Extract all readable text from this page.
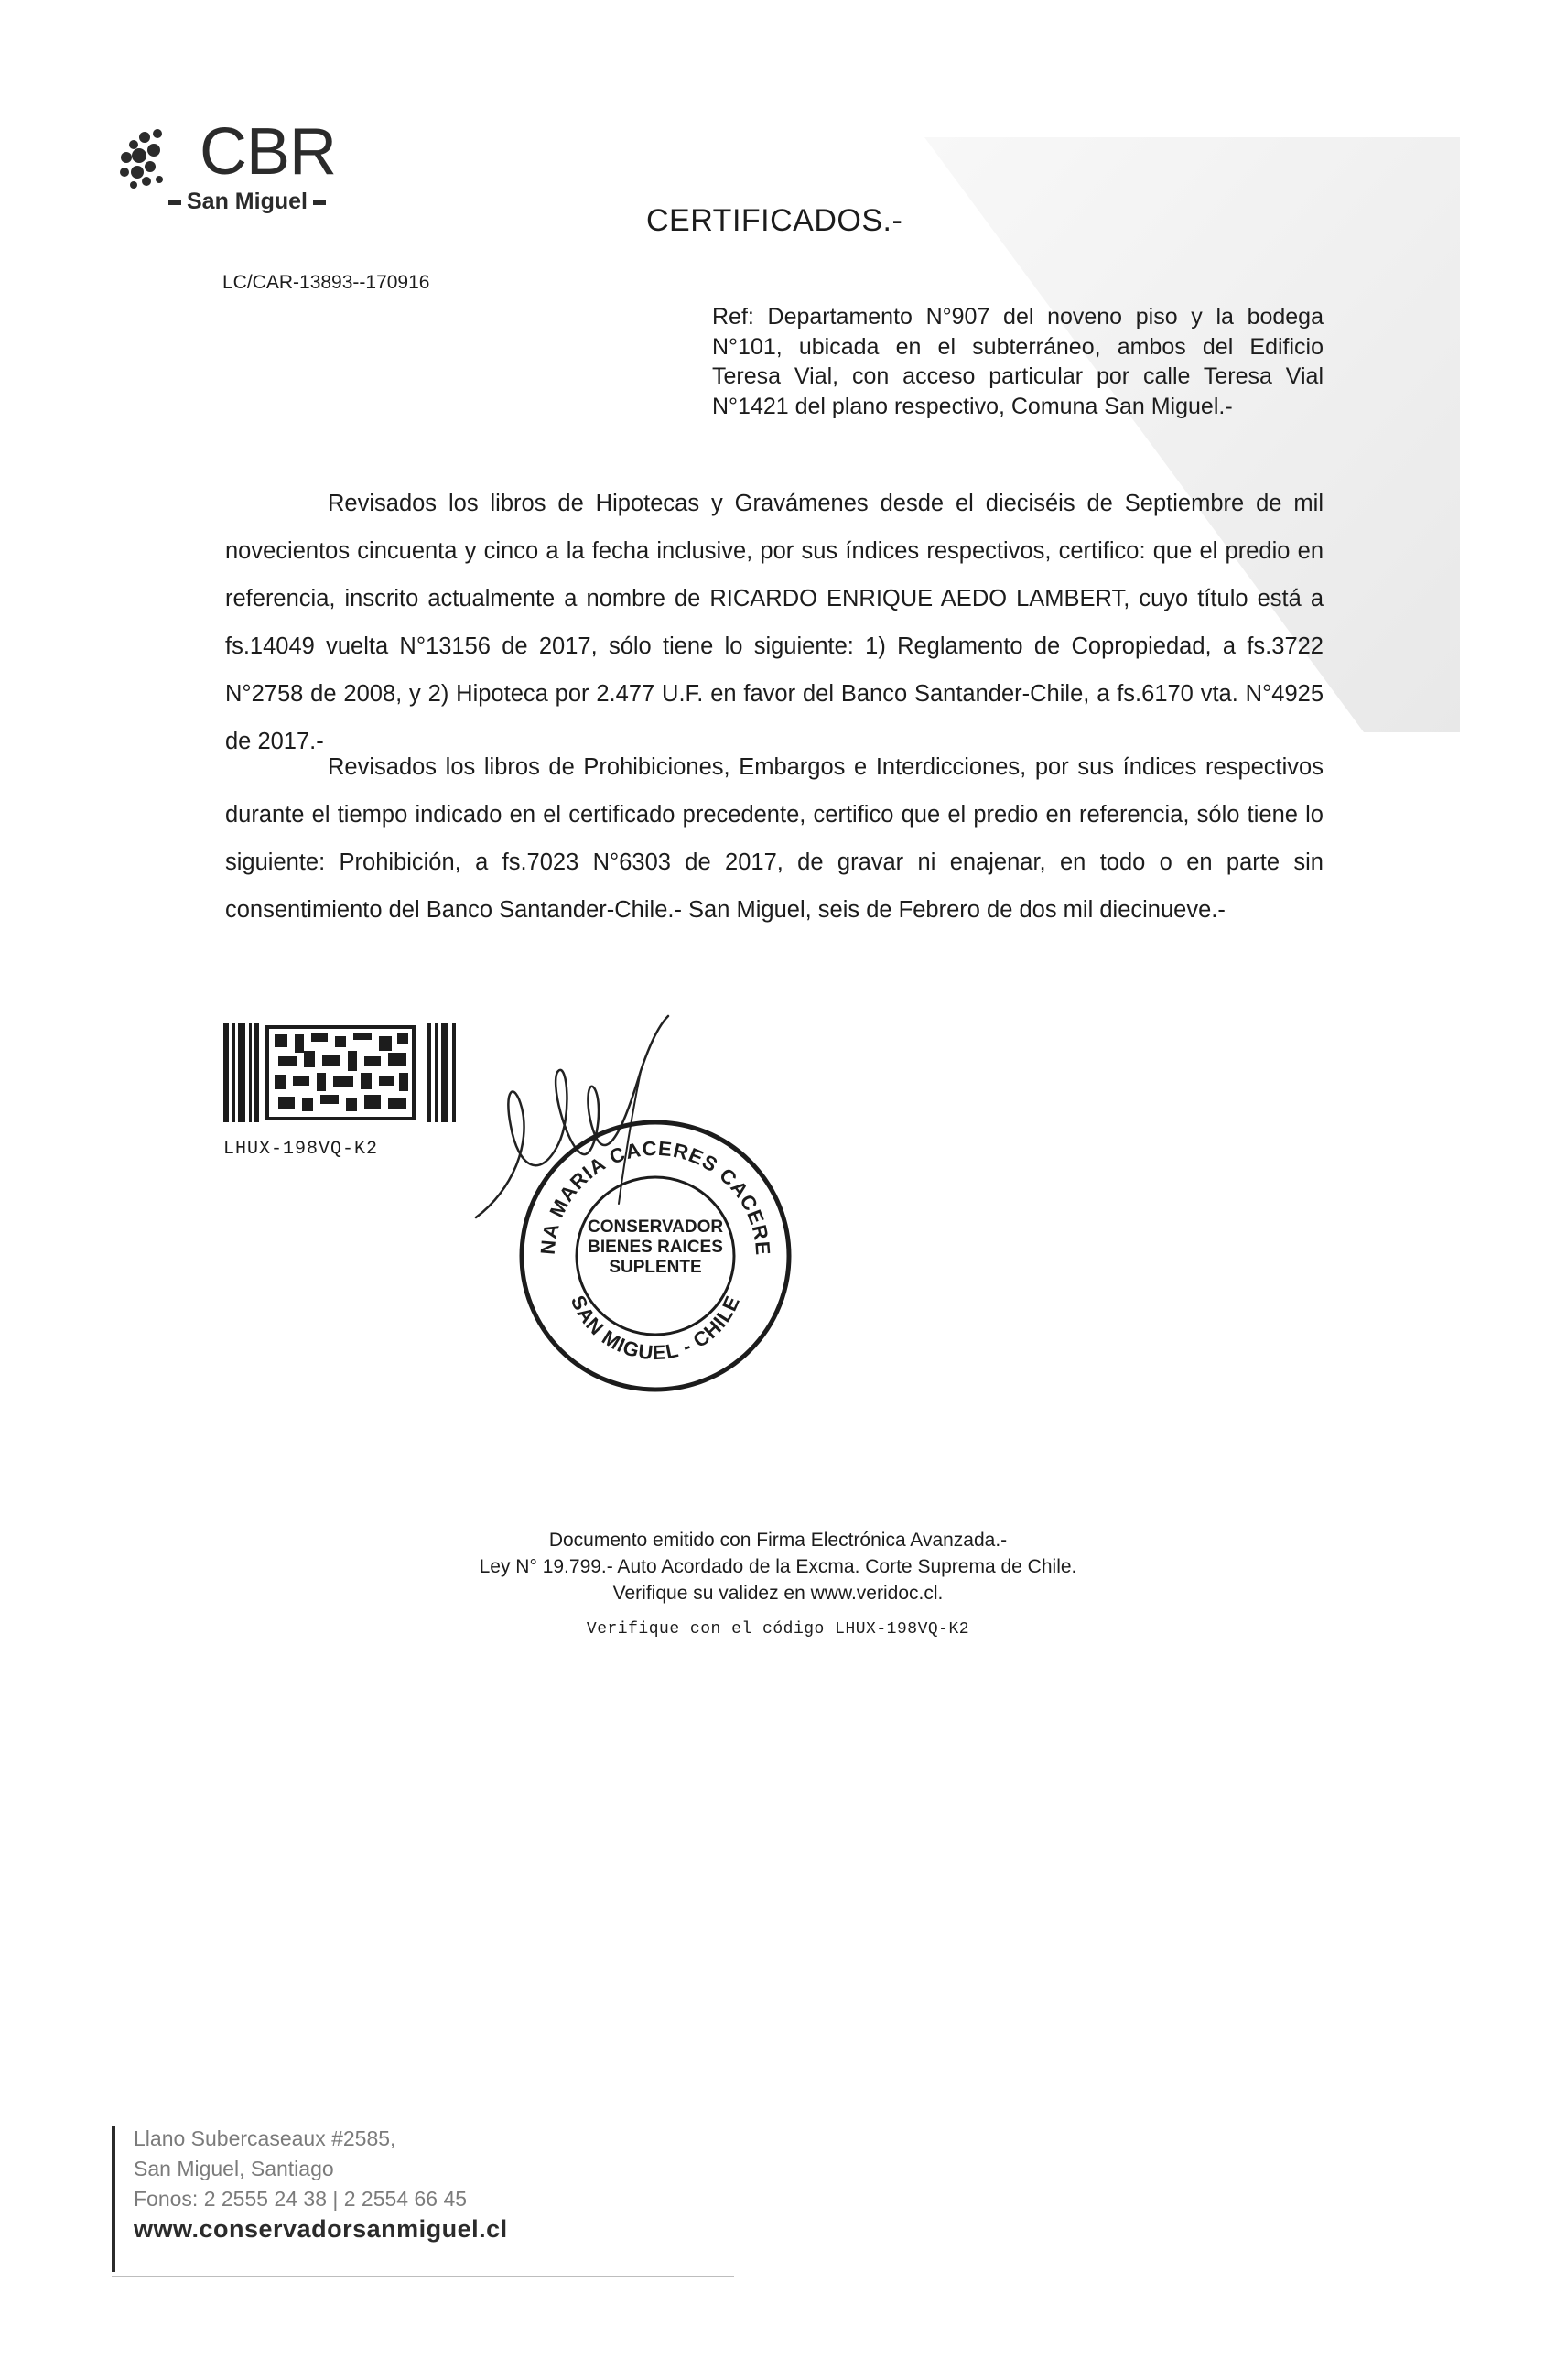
CBR
San Miguel
CERTIFICADOS.-
LC/CAR-13893--170916
Ref: Departamento N°907 del noveno piso y la bodega N°101, ubicada en el subterráneo, ambos del Edificio Teresa Vial, con acceso particular por calle Teresa Vial N°1421 del plano respectivo, Comuna San Miguel.-

Revisados los libros de Hipotecas y Gravámenes desde el dieciséis de Septiembre de mil novecientos cincuenta y cinco a la fecha inclusive, por sus índices respectivos, certifico: que el predio en referencia, inscrito actualmente a nombre de RICARDO ENRIQUE AEDO LAMBERT, cuyo título está a fs.14049 vuelta N°13156 de 2017, sólo tiene lo siguiente: 1) Reglamento de Copropiedad, a fs.3722 N°2758 de 2008, y 2) Hipoteca por 2.477 U.F. en favor del Banco Santander-Chile, a fs.6170 vta. N°4925 de 2017.-

Revisados los libros de Prohibiciones, Embargos e Interdicciones, por sus índices respectivos durante el tiempo indicado en el certificado precedente, certifico que el predio en referencia, sólo tiene lo siguiente: Prohibición, a fs.7023 N°6303 de 2017, de gravar ni enajenar, en todo o en parte sin consentimiento del Banco Santander-Chile.- San Miguel, seis de Febrero de dos mil diecinueve.-

LHUX-198VQ-K2
NA MARIA CACERES CACERE
SAN MIGUEL - CHILE
CONSERVADOR
BIENES RAICES
SUPLENTE
Documento emitido con Firma Electrónica Avanzada.-
Ley N° 19.799.- Auto Acordado de la Excma. Corte Suprema de Chile.
Verifique su validez en www.veridoc.cl.
Verifique con el código LHUX-198VQ-K2
Llano Subercaseaux #2585,
San Miguel, Santiago
Fonos: 2 2555 24 38 | 2 2554 66 45
www.conservadorsanmiguel.cl
